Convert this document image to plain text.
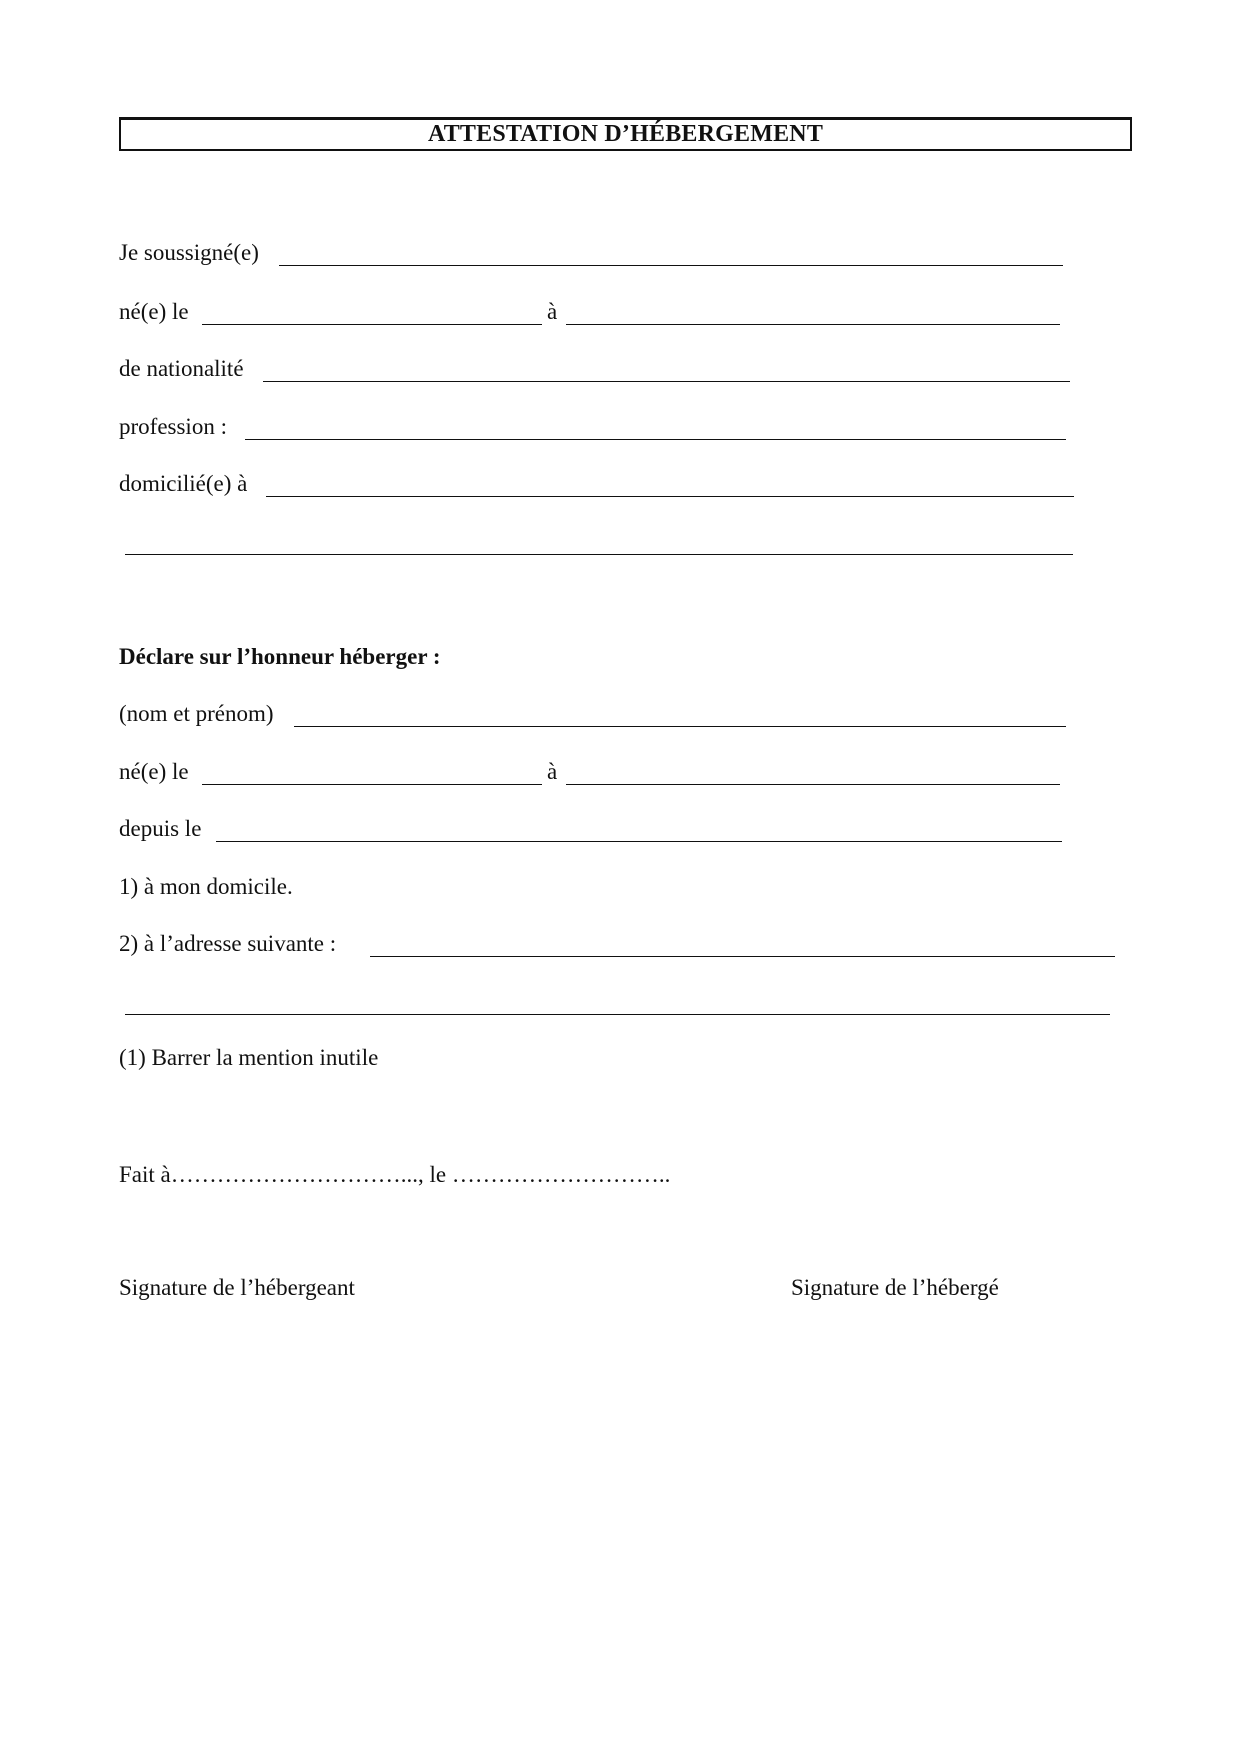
ATTESTATION D’HÉBERGEMENT
Je soussigné(e)
né(e) le	à
de nationalité
profession :
domicilié(e) à
Déclare sur l’honneur héberger :
(nom et prénom)
né(e) le	à
depuis le
1) à mon domicile.
2) à l’adresse suivante :
(1) Barrer la mention inutile
Fait à…………………………..., le ………………………..
Signature de l’hébergeant	Signature de l’hébergé
